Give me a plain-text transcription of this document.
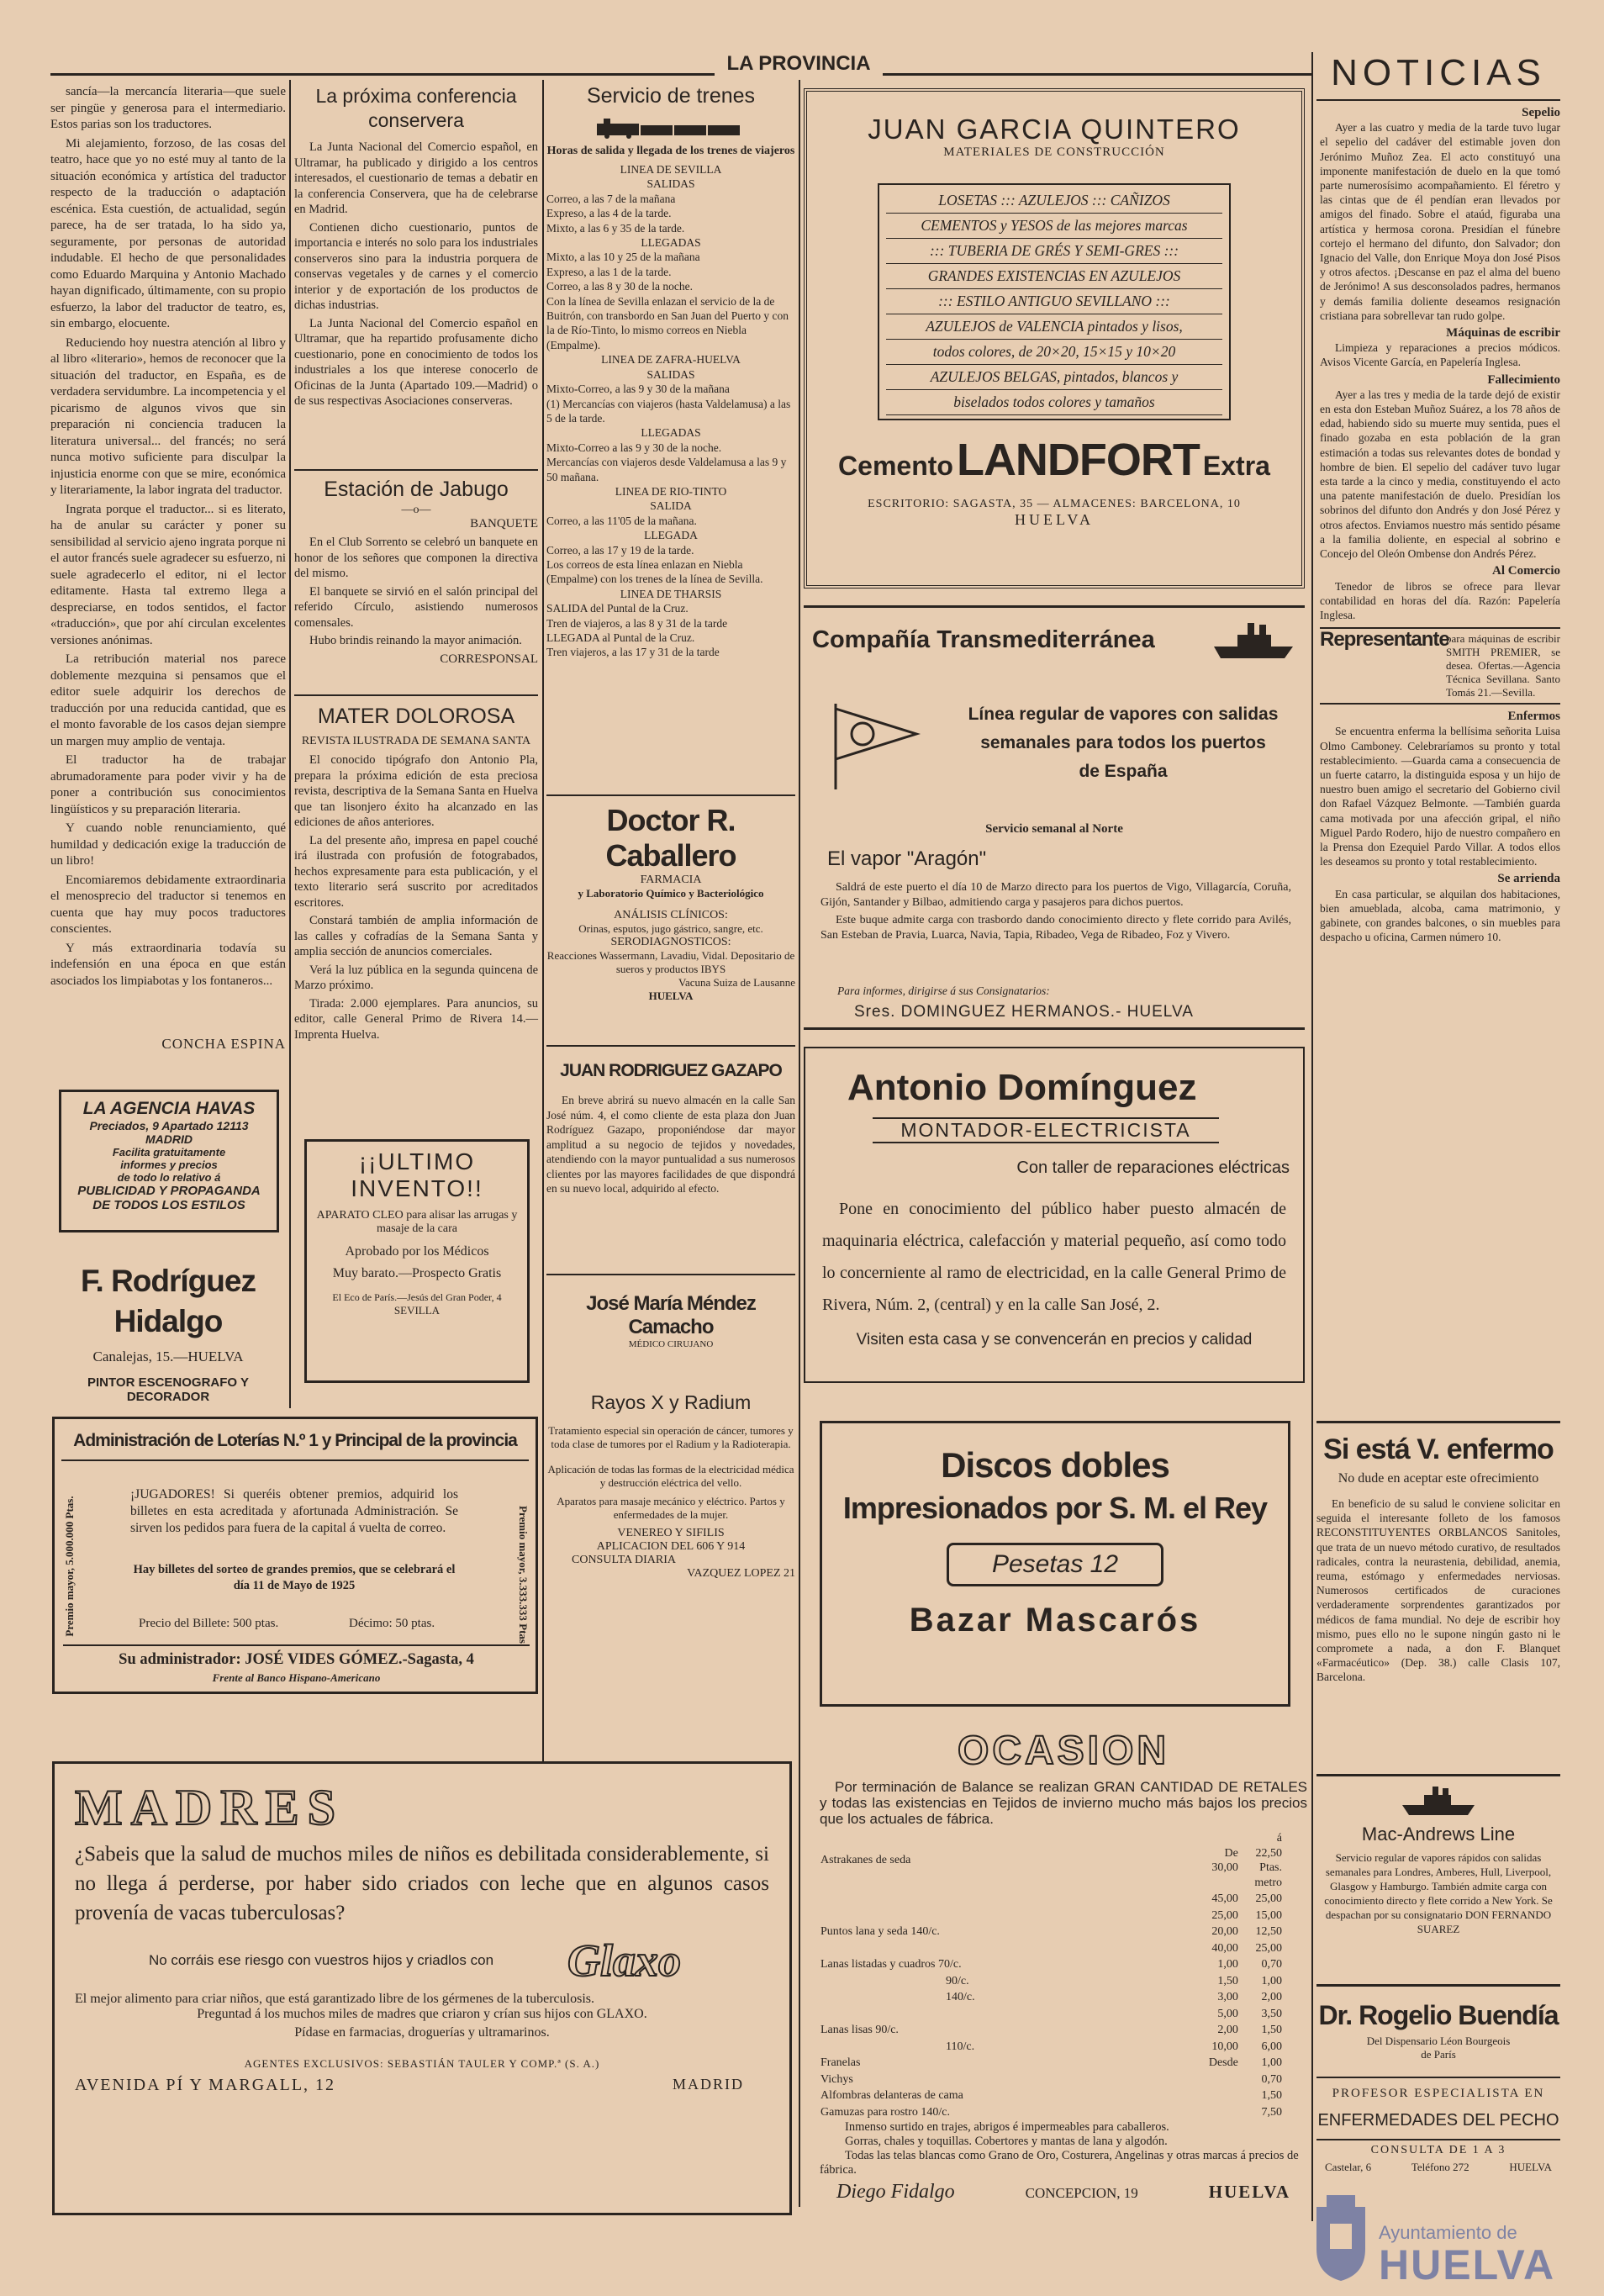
LA PROVINCIA

sancía—la mercancía literaria—que suele ser pingüe y generosa para el intermediario. Estos parias son los traductores.

Mi alejamiento, forzoso, de las cosas del teatro, hace que yo no esté muy al tanto de la situación económica y artística del traductor respecto de la traducción o adaptación escénica. Esta cuestión, de actualidad, según parece, ha de ser tratada, lo ha sido ya, seguramente, por personas de autoridad indudable. El hecho de que personalidades como Eduardo Marquina y Antonio Machado hayan dignificado, últimamente, con su propio esfuerzo, la labor del traductor de teatro, es, sin embargo, elocuente.

Reduciendo hoy nuestra atención al libro y al libro «literario», hemos de reconocer que la situación del traductor, en España, es de verdadera servidumbre. La incompetencia y el picarismo de algunos vivos que sin preparación ni conciencia traducen la literatura universal... del francés; no será nunca motivo suficiente para disculpar la injusticia enorme con que se mire, económica y literariamente, la labor ingrata del traductor.

Ingrata porque el traductor... si es literato, ha de anular su carácter y poner su sensibilidad al servicio ajeno ingrata porque ni el autor francés suele agradecer su esfuerzo, ni suele agradecerlo el editor, ni el lector editamente. Hasta tal extremo llega a despreciarse, en todos sentidos, el factor «traducción», que por ahí circulan excelentes versiones anónimas.

La retribución material nos parece doblemente mezquina si pensamos que el editor suele adquirir los derechos de traducción por una reducida cantidad, que es el monto favorable de los casos dejan siempre un margen muy amplio de ventaja.

El traductor ha de trabajar abrumadoramente para poder vivir y ha de poner a contribución sus conocimientos lingüísticos y su preparación literaria.

Y cuando noble renunciamiento, qué humildad y dedicación exige la traducción de un libro!

Encomiaremos debidamente extraordinaria el menosprecio del traductor si tenemos en cuenta que hay muy pocos traductores conscientes.

Y más extraordinaria todavía su indefensión en una época en que están asociados los limpiabotas y los fontaneros...

CONCHA ESPINA
LA AGENCIA HAVAS
Preciados, 9 Apartado 12113
MADRID
Facilita gratuitamente
informes y precios
de todo lo relativo á
PUBLICIDAD Y PROPAGANDA
DE TODOS LOS ESTILOS
F. Rodríguez Hidalgo
Canalejas, 15.—HUELVA
PINTOR ESCENOGRAFO Y DECORADOR
La próxima conferencia conservera

La Junta Nacional del Comercio español, en Ultramar, ha publicado y dirigido a los centros interesados, el cuestionario de temas a debatir en la conferencia Conservera, que ha de celebrarse en Madrid.

Contienen dicho cuestionario, puntos de importancia e interés no solo para los industriales conserveros sino para la industria porquera de conservas vegetales y de carnes y el comercio interior y de exportación de los productos de dichas industrias.

La Junta Nacional del Comercio español en Ultramar, que ha repartido profusamente dicho cuestionario, pone en conocimiento de todos los industriales a los que interese conocerlo de Oficinas de la Junta (Apartado 109.—Madrid) o de sus respectivas Asociaciones conserveras.

Estación de Jabugo
—o—
BANQUETE

En el Club Sorrento se celebró un banquete en honor de los señores que componen la directiva del mismo.

El banquete se sirvió en el salón principal del referido Círculo, asistiendo numerosos comensales.

Hubo brindis reinando la mayor animación.

CORRESPONSAL
MATER DOLOROSA
REVISTA ILUSTRADA DE SEMANA SANTA

El conocido tipógrafo don Antonio Pla, prepara la próxima edición de esta preciosa revista, descriptiva de la Semana Santa en Huelva que tan lisonjero éxito ha alcanzado en las ediciones de años anteriores.

La del presente año, impresa en papel couché irá ilustrada con profusión de fotograbados, hechos expresamente para esta publicación, y el texto literario será suscrito por acreditados escritores.

Constará también de amplia información de las calles y cofradías de la Semana Santa y amplia sección de anuncios comerciales.

Verá la luz pública en la segunda quincena de Marzo próximo.

Tirada: 2.000 ejemplares. Para anuncios, su editor, calle General Primo de Rivera 14.—Imprenta Huelva.

¡¡ULTIMO
INVENTO!!
APARATO CLEO para alisar las arrugas y masaje de la cara
Aprobado por los Médicos
Muy barato.—Prospecto Gratis
El Eco de París.—Jesús del Gran Poder, 4
SEVILLA
Servicio de trenes
Horas de salida y llegada de los trenes de viajeros
LINEA DE SEVILLA
SALIDAS
Correo, a las 7 de la mañana
Expreso, a las 4 de la tarde.
Mixto, a las 6 y 35 de la tarde.
LLEGADAS
Mixto, a las 10 y 25 de la mañana
Expreso, a las 1 de la tarde.
Correo, a las 8 y 30 de la noche.
Con la línea de Sevilla enlazan el servicio de la de Buitrón, con transbordo en San Juan del Puerto y con la de Río-Tinto, lo mismo correos en Niebla (Empalme).
LINEA DE ZAFRA-HUELVA
SALIDAS
Mixto-Correo, a las 9 y 30 de la mañana
(1) Mercancías con viajeros (hasta Valdelamusa) a las 5 de la tarde.
LLEGADAS
Mixto-Correo a las 9 y 30 de la noche.
Mercancías con viajeros desde Valdelamusa a las 9 y 50 mañana.
LINEA DE RIO-TINTO
SALIDA
Correo, a las 11'05 de la mañana.
LLEGADA
Correo, a las 17 y 19 de la tarde.
Los correos de esta línea enlazan en Niebla (Empalme) con los trenes de la línea de Sevilla.
LINEA DE THARSIS
SALIDA del Puntal de la Cruz.
Tren de viajeros, a las 8 y 31 de la tarde
LLEGADA al Puntal de la Cruz.
Tren viajeros, a las 17 y 31 de la tarde
Doctor R. Caballero
FARMACIA
y Laboratorio Químico y Bacteriológico
ANÁLISIS CLÍNICOS:
Orinas, esputos, jugo gástrico, sangre, etc.
SERODIAGNOSTICOS:
Reacciones Wassermann, Lavadiu, Vidal. Depositario de sueros y productos IBYS
Vacuna Suiza de Lausanne
HUELVA
JUAN RODRIGUEZ GAZAPO
En breve abrirá su nuevo almacén en la calle San José núm. 4, el como cliente de esta plaza don Juan Rodríguez Gazapo, proponiéndose dar mayor amplitud a su negocio de tejidos y novedades, atendiendo con la mayor puntualidad a sus numerosos clientes por las mayores facilidades de que dispondrá en su nuevo local, adquirido al efecto.
José María Méndez Camacho
MÉDICO CIRUJANO
Rayos X y Radium
Tratamiento especial sin operación de cáncer, tumores y toda clase de tumores por el Radium y la Radioterapia.
Aplicación de todas las formas de la electricidad médica y destrucción eléctrica del vello.
Aparatos para masaje mecánico y eléctrico. Partos y enfermedades de la mujer.
VENEREO Y SIFILIS
APLICACION DEL 606 Y 914
CONSULTA DIARIA
VAZQUEZ LOPEZ 21
Administración de Loterías N.º 1 y Principal de la provincia
Premio mayor, 5.000.000 Ptas.	Premio mayor, 3.333.333 Ptas
¡JUGADORES! Si queréis obtener premios, adquirid los billetes en esta acreditada y afortunada Administración. Se sirven los pedidos para fuera de la capital á vuelta de correo.
Hay billetes del sorteo de grandes premios, que se celebrará el día 11 de Mayo de 1925
Precio del Billete: 500 ptas.	Décimo: 50 ptas.
Su administrador: JOSÉ VIDES GÓMEZ.-Sagasta, 4
Frente al Banco Hispano-Americano
MADRES
¿Sabeis que la salud de muchos miles de niños es debilitada considerablemente, si no llega á perderse, por haber sido criados con leche que en algunos casos provenía de vacas tuberculosas?
No corráis ese riesgo con vuestros hijos y criadlos con	Glaxo
El mejor alimento para criar niños, que está garantizado libre de los gérmenes de la tuberculosis.
Preguntad á los muchos miles de madres que criaron y crían sus hijos con GLAXO.
Pídase en farmacias, droguerías y ultramarinos.
AGENTES EXCLUSIVOS: SEBASTIÁN TAULER Y COMP.ª (S. A.)
AVENIDA PÍ Y MARGALL, 12	MADRID
JUAN GARCIA QUINTERO
MATERIALES DE CONSTRUCCIÓN
LOSETAS ::: AZULEJOS ::: CAÑIZOS
CEMENTOS y YESOS de las mejores marcas
::: TUBERIA DE GRÉS Y SEMI-GRES :::
GRANDES EXISTENCIAS EN AZULEJOS
::: ESTILO ANTIGUO SEVILLANO :::
AZULEJOS de VALENCIA pintados y lisos,
todos colores, de 20×20, 15×15 y 10×20
AZULEJOS BELGAS, pintados, blancos y
biselados todos colores y tamaños
Cemento LANDFORT Extra
ESCRITORIO: SAGASTA, 35 — ALMACENES: BARCELONA, 10
HUELVA
Compañía Transmediterránea
Línea regular de vapores con salidas
semanales para todos los puertos
de España
Servicio semanal al Norte
El vapor "Aragón"

Saldrá de este puerto el día 10 de Marzo directo para los puertos de Vigo, Villagarcía, Coruña, Gijón, Santander y Bilbao, admitiendo carga y pasajeros para dichos puertos.

Este buque admite carga con trasbordo dando conocimiento directo y flete corrido para Avilés, San Esteban de Pravia, Luarca, Navia, Tapia, Ribadeo, Vega de Ribadeo, Foz y Vivero.

Para informes, dirigirse á sus Consignatarios:
Sres. DOMINGUEZ HERMANOS.- HUELVA
Antonio Domínguez
MONTADOR-ELECTRICISTA
Con taller de reparaciones eléctricas
Pone en conocimiento del público haber puesto almacén de maquinaria eléctrica, calefacción y material pequeño, así como todo lo concerniente al ramo de electricidad, en la calle General Primo de Rivera, Núm. 2, (central) y en la calle San José, 2.
Visiten esta casa y se convencerán en precios y calidad
Discos dobles
Impresionados por S. M. el Rey
Pesetas 12
Bazar Mascarós
OCASION
Por terminación de Balance se realizan GRAN CANTIDAD DE RETALES y todas las existencias en Tejidos de invierno mucho más bajos los precios que los actuales de fábrica.
Astrakanes de seda	De 30,00	á 22,50 Ptas. metro
	45,00	25,00
	25,00	15,00
Puntos lana y seda 140/c.	20,00	12,50
	40,00	25,00
Lanas listadas y cuadros 70/c.	1,00	0,70
90/c.	1,50	1,00
140/c.	3,00	2,00
	5,00	3,50
Lanas lisas 90/c.	2,00	1,50
110/c.	10,00	6,00
Franelas	Desde	1,00
Vichys		0,70
Alfombras delanteras de cama		1,50
Gamuzas para rostro 140/c.		7,50
Inmenso surtido en trajes, abrigos é impermeables para caballeros.
Gorras, chales y toquillas. Cobertores y mantas de lana y algodón.
Todas las telas blancas como Grano de Oro, Costurera, Angelinas y otras marcas á precios de fábrica.
Diego Fidalgo	CONCEPCION, 19	HUELVA
NOTICIAS
Sepelio
Ayer a las cuatro y media de la tarde tuvo lugar el sepelio del cadáver del estimable joven don Jerónimo Muñoz Zea. El acto constituyó una imponente manifestación de duelo en la que tomó parte numerosísimo acompañamiento. El féretro y las cintas que de él pendían eran llevados por amigos del finado. Sobre el ataúd, figuraba una artística y hermosa corona. Presidían el fúnebre cortejo el hermano del difunto, don Salvador; don Ignacio del Valle, don Enrique Moya don José Pisos y otros afectos. ¡Descanse en paz el alma del bueno de Jerónimo! A sus desconsolados padres, hermanos y demás familia doliente deseamos resignación cristiana para sobrellevar tan rudo golpe.
Máquinas de escribir
Limpieza y reparaciones a precios módicos. Avisos Vicente García, en Papelería Inglesa.
Fallecimiento
Ayer a las tres y media de la tarde dejó de existir en esta don Esteban Muñoz Suárez, a los 78 años de edad, habiendo sido su muerte muy sentida, pues el finado gozaba en esta población de la gran estimación a todas sus relevantes dotes de bondad y hombre de bien. El sepelio del cadáver tuvo lugar esta tarde a la cinco y media, constituyendo el acto una patente manifestación de duelo. Presidían los sobrinos del difunto don Andrés y don José Pérez y otros afectos. Enviamos nuestro más sentido pésame a la familia doliente, en especial al sobrino e Concejo del Oleón Ombense don Andrés Pérez.
Al Comercio
Tenedor de libros se ofrece para llevar contabilidad en horas del día. Razón: Papelería Inglesa.
Representante
para máquinas de escribir SMITH PREMIER, se desea. Ofertas.—Agencia Técnica Sevillana. Santo Tomás 21.—Sevilla.
Enfermos
Se encuentra enferma la bellísima señorita Luisa Olmo Camboney. Celebraríamos su pronto y total restablecimiento. —Guarda cama a consecuencia de un fuerte catarro, la distinguida esposa y un hijo de nuestro buen amigo el secretario del Gobierno civil don Rafael Vázquez Belmonte. —También guarda cama motivada por una afección gripal, el niño Miguel Pardo Rodero, hijo de nuestro compañero en la Prensa don Ezequiel Pardo Villar. A todos ellos les deseamos su pronto y total restablecimiento.
Se arrienda
En casa particular, se alquilan dos habitaciones, bien amueblada, alcoba, cama matrimonio, y gabinete, con grandes balcones, o sin muebles para despacho u oficina, Carmen número 10.
Si está V. enfermo
No dude en aceptar este ofrecimiento
En beneficio de su salud le conviene solicitar en seguida el interesante folleto de los famosos RECONSTITUYENTES ORBLANCOS Sanitoles, que trata de un nuevo método curativo, de resultados radicales, contra la neurastenia, debilidad, anemia, reuma, estómago y enfermedades nerviosas. Numerosos certificados de curaciones verdaderamente sorprendentes garantizados por médicos de fama mundial. No deje de escribir hoy mismo, pues ello no le supone ningún gasto ni le compromete a nada, a don F. Blanquet «Farmacéutico» (Dep. 38.) calle Clasis 107, Barcelona.
Mac-Andrews Line
Servicio regular de vapores rápidos con salidas semanales para Londres, Amberes, Hull, Liverpool, Glasgow y Hamburgo. También admite carga con conocimiento directo y flete corrido a New York. Se despachan por su consignatario DON FERNANDO SUAREZ
Dr. Rogelio Buendía
Del Dispensario Léon Bourgeois
de París
PROFESOR ESPECIALISTA EN
ENFERMEDADES DEL PECHO
CONSULTA DE 1 A 3
Castelar, 6	Teléfono 272	HUELVA
Ayuntamiento de
HUELVA
